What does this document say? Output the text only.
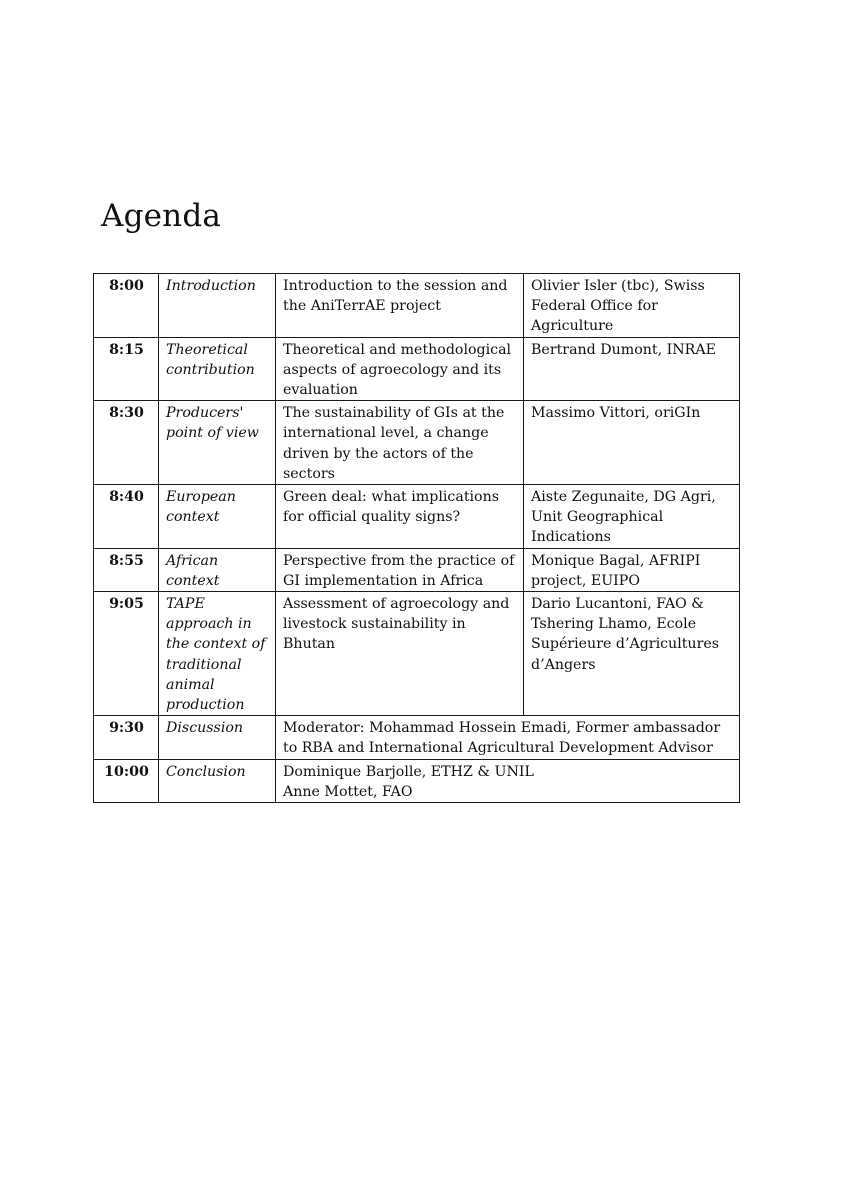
Agenda
8:00	Introduction	Introduction to the session and the AniTerrAE project	Olivier Isler (tbc), Swiss Federal Office for Agriculture
8:15	Theoretical contribution	Theoretical and methodological aspects of agroecology and its evaluation	Bertrand Dumont, INRAE
8:30	Producers' point of view	The sustainability of GIs at the international level, a change driven by the actors of the sectors	Massimo Vittori, oriGIn
8:40	European context	Green deal: what implications for official quality signs?	Aiste Zegunaite, DG Agri, Unit Geographical Indications
8:55	African context	Perspective from the practice of GI implementation in Africa	Monique Bagal, AFRIPI project, EUIPO
9:05	TAPE approach in the context of traditional animal production	Assessment of agroecology and livestock sustainability in Bhutan	Dario Lucantoni, FAO & Tshering Lhamo, Ecole Supérieure d’Agricultures d’Angers
9:30	Discussion	Moderator: Mohammad Hossein Emadi, Former ambassador to RBA and International Agricultural Development Advisor	
10:00	Conclusion	Dominique Barjolle, ETHZ & UNIL
Anne Mottet, FAO	
